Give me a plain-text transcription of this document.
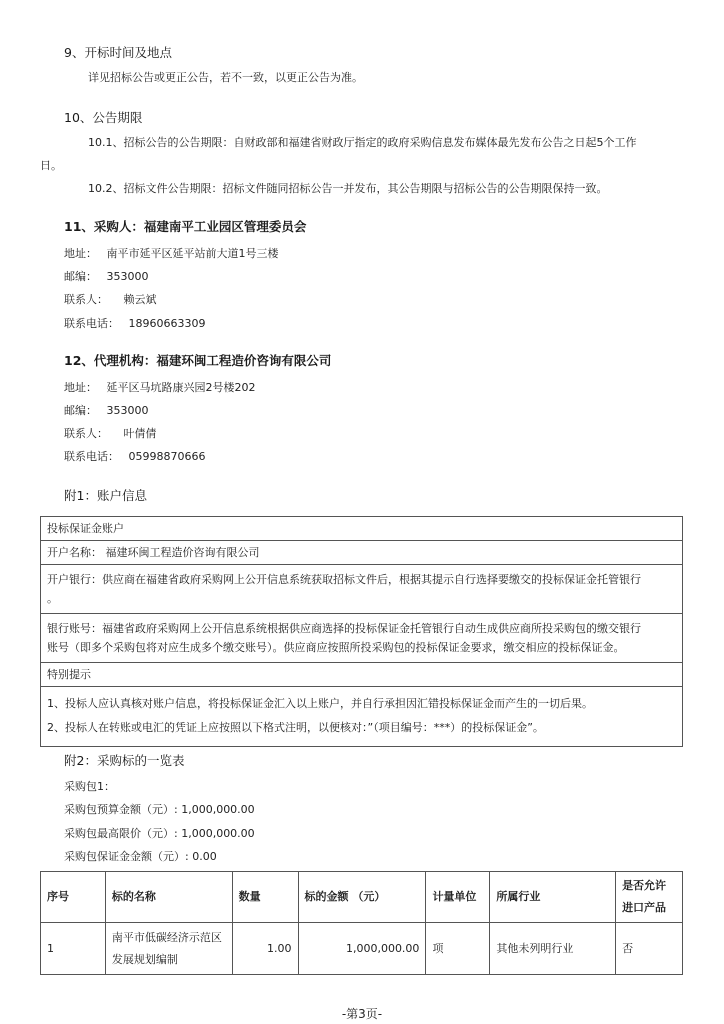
9、开标时间及地点
详见招标公告或更正公告，若不一致，以更正公告为准。
10、公告期限
10.1、招标公告的公告期限：自财政部和福建省财政厅指定的政府采购信息发布媒体最先发布公告之日起5个工作
日。
10.2、招标文件公告期限：招标文件随同招标公告一并发布，其公告期限与招标公告的公告期限保持一致。
11、采购人：福建南平工业园区管理委员会
地址： 南平市延平区延平站前大道1号三楼
邮编： 353000
联系人： 赖云斌
联系电话： 18960663309
12、代理机构：福建环闽工程造价咨询有限公司
地址： 延平区马坑路康兴园2号楼202
邮编： 353000
联系人： 叶倩倩
联系电话： 05998870666
附1：账户信息
投标保证金账户
开户名称： 福建环闽工程造价咨询有限公司

开户银行：供应商在福建省政府采购网上公开信息系统获取招标文件后，根据其提示自行选择要缴交的投标保证金托管银行
。

银行账号：福建省政府采购网上公开信息系统根据供应商选择的投标保证金托管银行自动生成供应商所投采购包的缴交银行
账号（即多个采购包将对应生成多个缴交账号）。供应商应按照所投采购包的投标保证金要求，缴交相应的投标保证金。

特别提示

1、投标人应认真核对账户信息，将投标保证金汇入以上账户，并自行承担因汇错投标保证金而产生的一切后果。
2、投标人在转账或电汇的凭证上应按照以下格式注明，以便核对：”（项目编号：***）的投标保证金”。
附2：采购标的一览表
采购包1：
采购包预算金额（元）: 1,000,000.00
采购包最高限价（元）: 1,000,000.00
采购包保证金金额（元）: 0.00
序号	标的名称	数量	标的金额 （元）	计量单位	所属行业	是否允许
进口产品

1	南平市低碳经济示范区
发展规划编制	1.00	1,000,000.00	项	其他未列明行业	否
-第3页-
